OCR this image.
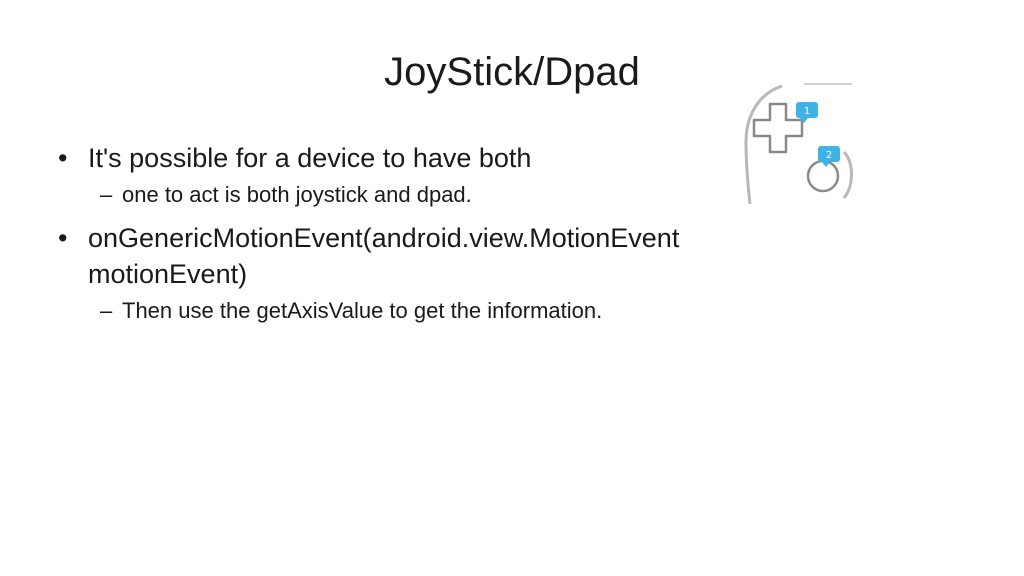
JoyStick/Dpad
• It's possible for a device to have both
– one to act is both joystick and dpad.
• onGenericMotionEvent(android.view.MotionEvent motionEvent)
– Then use the getAxisValue to get the information.
1
2
